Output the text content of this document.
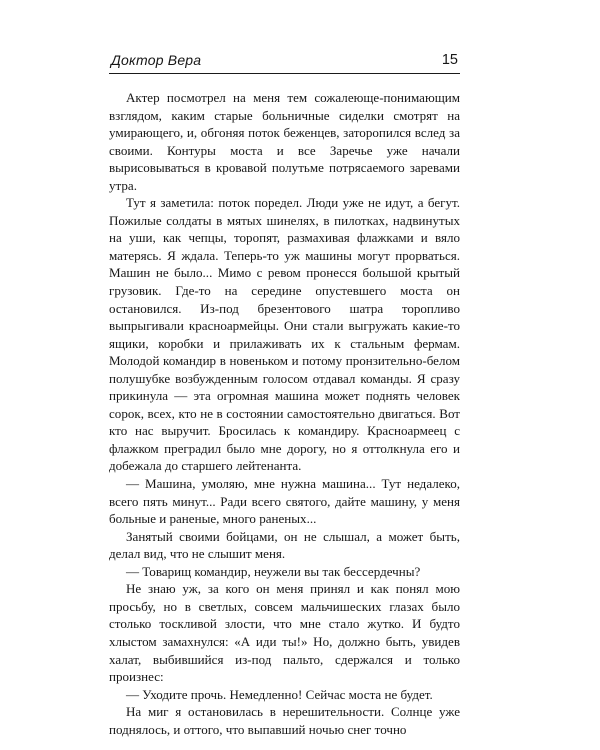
Доктор Вера	15

Актер посмотрел на меня тем сожалеюще-понимающим взглядом, каким старые больничные сиделки смотрят на умирающего, и, обгоняя поток беженцев, заторопился вслед за своими. Контуры моста и все Заречье уже начали вырисовываться в кровавой полутьме потрясаемого заревами утра.

Тут я заметила: поток поредел. Люди уже не идут, а бегут. Пожилые солдаты в мятых шинелях, в пилотках, надвинутых на уши, как чепцы, торопят, размахивая флажками и вяло матерясь. Я ждала. Теперь-то уж машины могут прорваться. Машин не было... Мимо с ревом пронесся большой крытый грузовик. Где-то на середине опустевшего моста он остановился. Из-под брезентового шатра торопливо выпрыгивали красноармейцы. Они стали выгружать какие-то ящики, коробки и прилаживать их к стальным фермам. Молодой командир в новеньком и потому пронзительно-белом полушубке возбужденным голосом отдавал команды. Я сразу прикинула — эта огромная машина может поднять человек сорок, всех, кто не в состоянии самостоятельно двигаться. Вот кто нас выручит. Бросилась к командиру. Красноармеец с флажком преградил было мне дорогу, но я оттолкнула его и добежала до старшего лейтенанта.

— Машина, умоляю, мне нужна машина... Тут недалеко, всего пять минут... Ради всего святого, дайте машину, у меня больные и раненые, много раненых...

Занятый своими бойцами, он не слышал, а может быть, делал вид, что не слышит меня.

— Товарищ командир, неужели вы так бессердечны?

Не знаю уж, за кого он меня принял и как понял мою просьбу, но в светлых, совсем мальчишеских глазах было столько тоскливой злости, что мне стало жутко. И будто хлыстом замахнулся: «А иди ты!» Но, должно быть, увидев халат, выбившийся из-под пальто, сдержался и только произнес:

— Уходите прочь. Немедленно! Сейчас моста не будет.

На миг я остановилась в нерешительности. Солнце уже поднялось, и оттого, что выпавший ночью снег точно
